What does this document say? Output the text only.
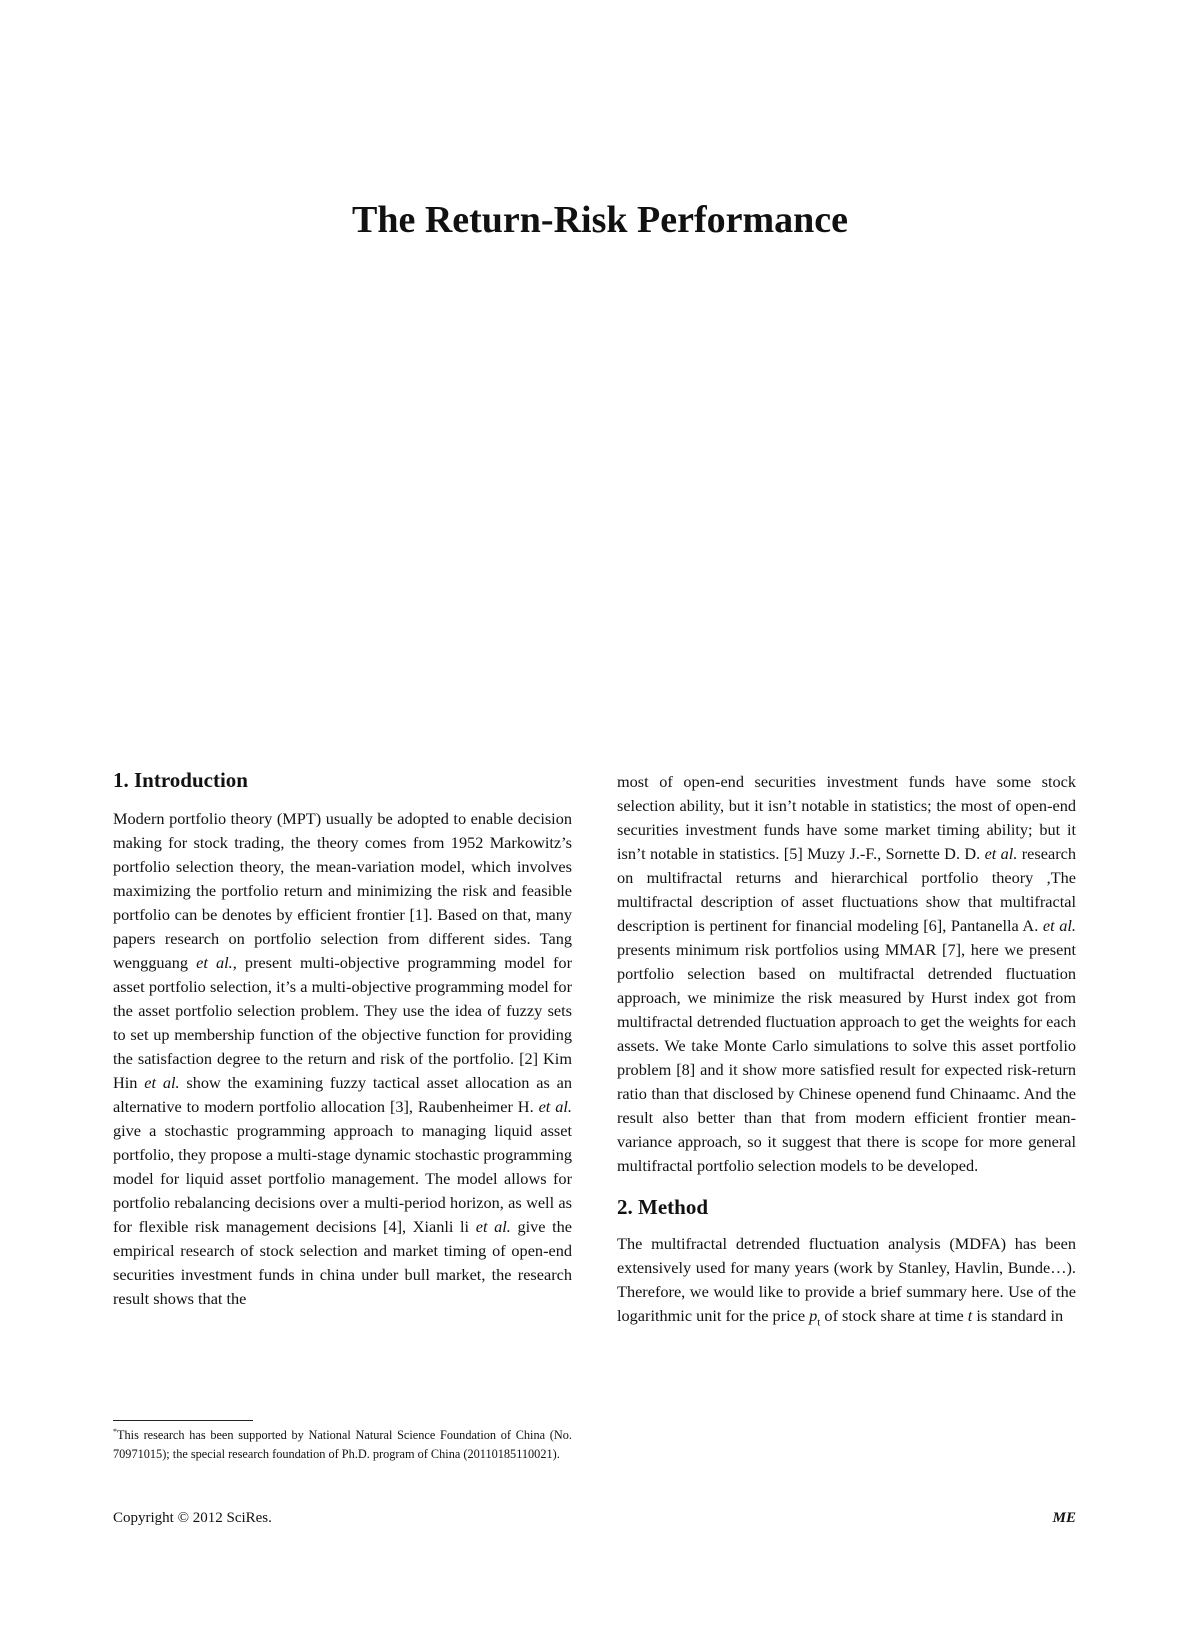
The Return-Risk Performance
1. Introduction

Modern portfolio theory (MPT) usually be adopted to enable decision making for stock trading, the theory comes from 1952 Markowitz’s portfolio selection theory, the mean-variation model, which involves maximizing the portfolio return and minimizing the risk and feasible portfolio can be denotes by efficient frontier [1]. Based on that, many papers research on portfolio selection from different sides. Tang wengguang et al., present multi-objective programming model for asset portfolio selection, it’s a multi-objective programming model for the asset portfolio selection problem. They use the idea of fuzzy sets to set up membership function of the objective function for providing the satisfaction degree to the return and risk of the portfolio. [2] Kim Hin et al. show the examining fuzzy tactical asset allocation as an alternative to modern portfolio allocation [3], Raubenheimer H. et al. give a stochastic programming approach to managing liquid asset portfolio, they propose a multi-stage dynamic stochastic programming model for liquid asset portfolio management. The model allows for portfolio rebalancing decisions over a multi-period horizon, as well as for flexible risk management decisions [4], Xianli li et al. give the empirical research of stock selection and market timing of open-end securities investment funds in china under bull market, the research result shows that the

most of open-end securities investment funds have some stock selection ability, but it isn’t notable in statistics; the most of open-end securities investment funds have some market timing ability; but it isn’t notable in statistics. [5] Muzy J.-F., Sornette D. D. et al. research on multifractal returns and hierarchical portfolio theory ,The multifractal description of asset fluctuations show that multifractal description is pertinent for financial modeling [6], Pantanella A. et al. presents minimum risk portfolios using MMAR [7], here we present portfolio selection based on multifractal detrended fluctuation approach, we minimize the risk measured by Hurst index got from multifractal detrended fluctuation approach to get the weights for each assets. We take Monte Carlo simulations to solve this asset portfolio problem [8] and it show more satisfied result for expected risk-return ratio than that disclosed by Chinese openend fund Chinaamc. And the result also better than that from modern efficient frontier mean-variance approach, so it suggest that there is scope for more general multifractal portfolio selection models to be developed.

2. Method

The multifractal detrended fluctuation analysis (MDFA) has been extensively used for many years (work by Stanley, Havlin, Bunde…). Therefore, we would like to provide a brief summary here. Use of the logarithmic unit for the price $p_t$ of stock share at time t is standard in

*This research has been supported by National Natural Science Foundation of China (No. 70971015); the special research foundation of Ph.D. program of China (20110185110021).
Copyright © 2012 SciRes.	ME
